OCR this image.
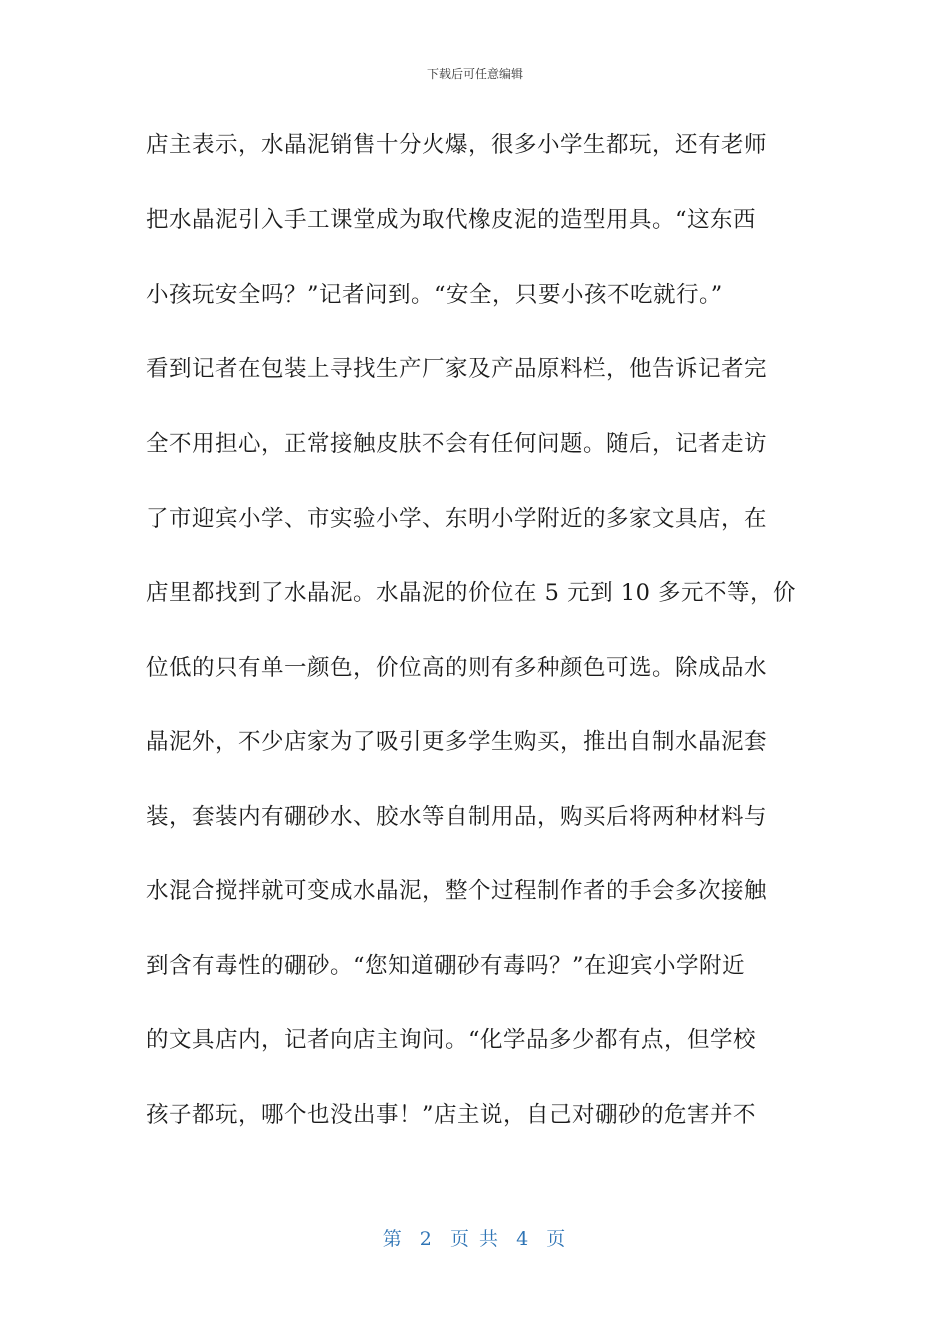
下载后可任意编辑
店主表示，水晶泥销售十分火爆，很多小学生都玩，还有老师
把水晶泥引入手工课堂成为取代橡皮泥的造型用具。“这东西
小孩玩安全吗？”记者问到。“安全，只要小孩不吃就行。”
看到记者在包装上寻找生产厂家及产品原料栏，他告诉记者完
全不用担心，正常接触皮肤不会有任何问题。随后，记者走访
了市迎宾小学、市实验小学、东明小学附近的多家文具店，在
店里都找到了水晶泥。水晶泥的价位在 5 元到 10 多元不等，价
位低的只有单一颜色，价位高的则有多种颜色可选。除成品水
晶泥外，不少店家为了吸引更多学生购买，推出自制水晶泥套
装，套装内有硼砂水、胶水等自制用品，购买后将两种材料与
水混合搅拌就可变成水晶泥，整个过程制作者的手会多次接触
到含有毒性的硼砂。“您知道硼砂有毒吗？”在迎宾小学附近
的文具店内，记者向店主询问。“化学品多少都有点，但学校
孩子都玩，哪个也没出事！”店主说，自己对硼砂的危害并不
第  2  页 共  4  页
